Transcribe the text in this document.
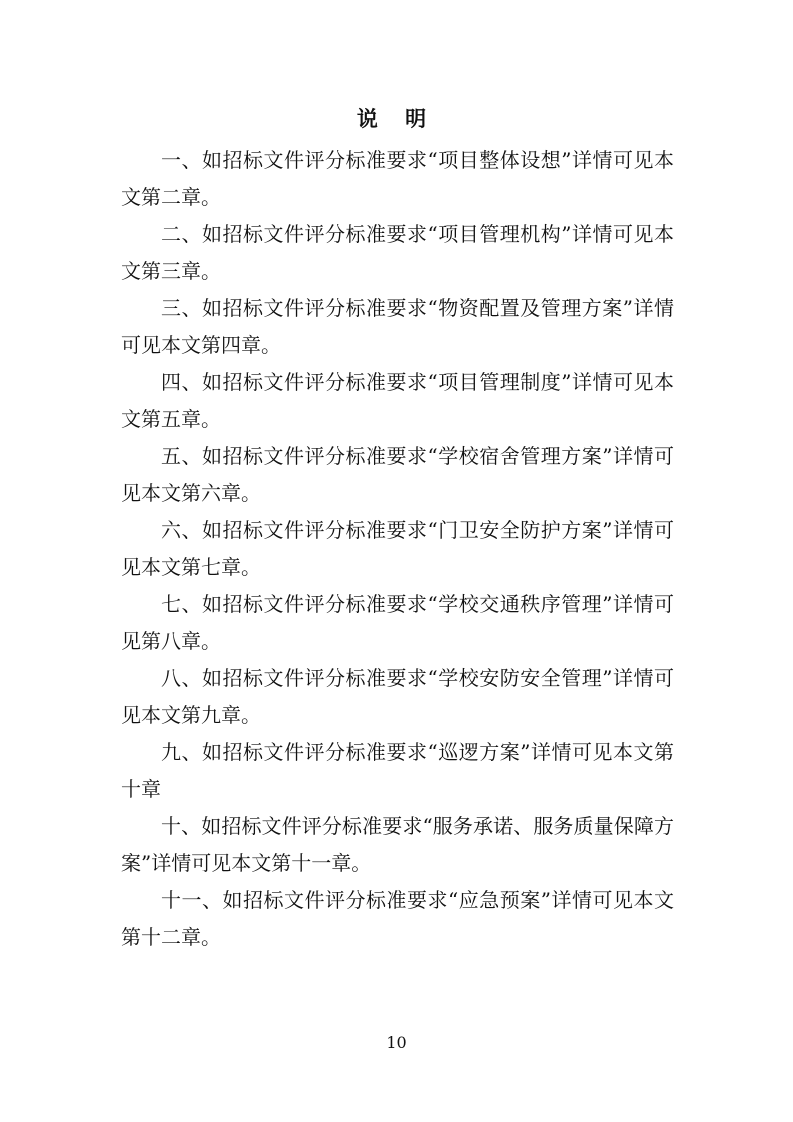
说 明

一、如招标文件评分标准要求“项目整体设想”详情可见本文第二章。

二、如招标文件评分标准要求“项目管理机构”详情可见本文第三章。

三、如招标文件评分标准要求“物资配置及管理方案”详情可见本文第四章。

四、如招标文件评分标准要求“项目管理制度”详情可见本文第五章。

五、如招标文件评分标准要求“学校宿舍管理方案”详情可见本文第六章。

六、如招标文件评分标准要求“门卫安全防护方案”详情可见本文第七章。

七、如招标文件评分标准要求“学校交通秩序管理”详情可见第八章。

八、如招标文件评分标准要求“学校安防安全管理”详情可见本文第九章。

九、如招标文件评分标准要求“巡逻方案”详情可见本文第十章

十、如招标文件评分标准要求“服务承诺、服务质量保障方案”详情可见本文第十一章。

十一、如招标文件评分标准要求“应急预案”详情可见本文第十二章。

10
